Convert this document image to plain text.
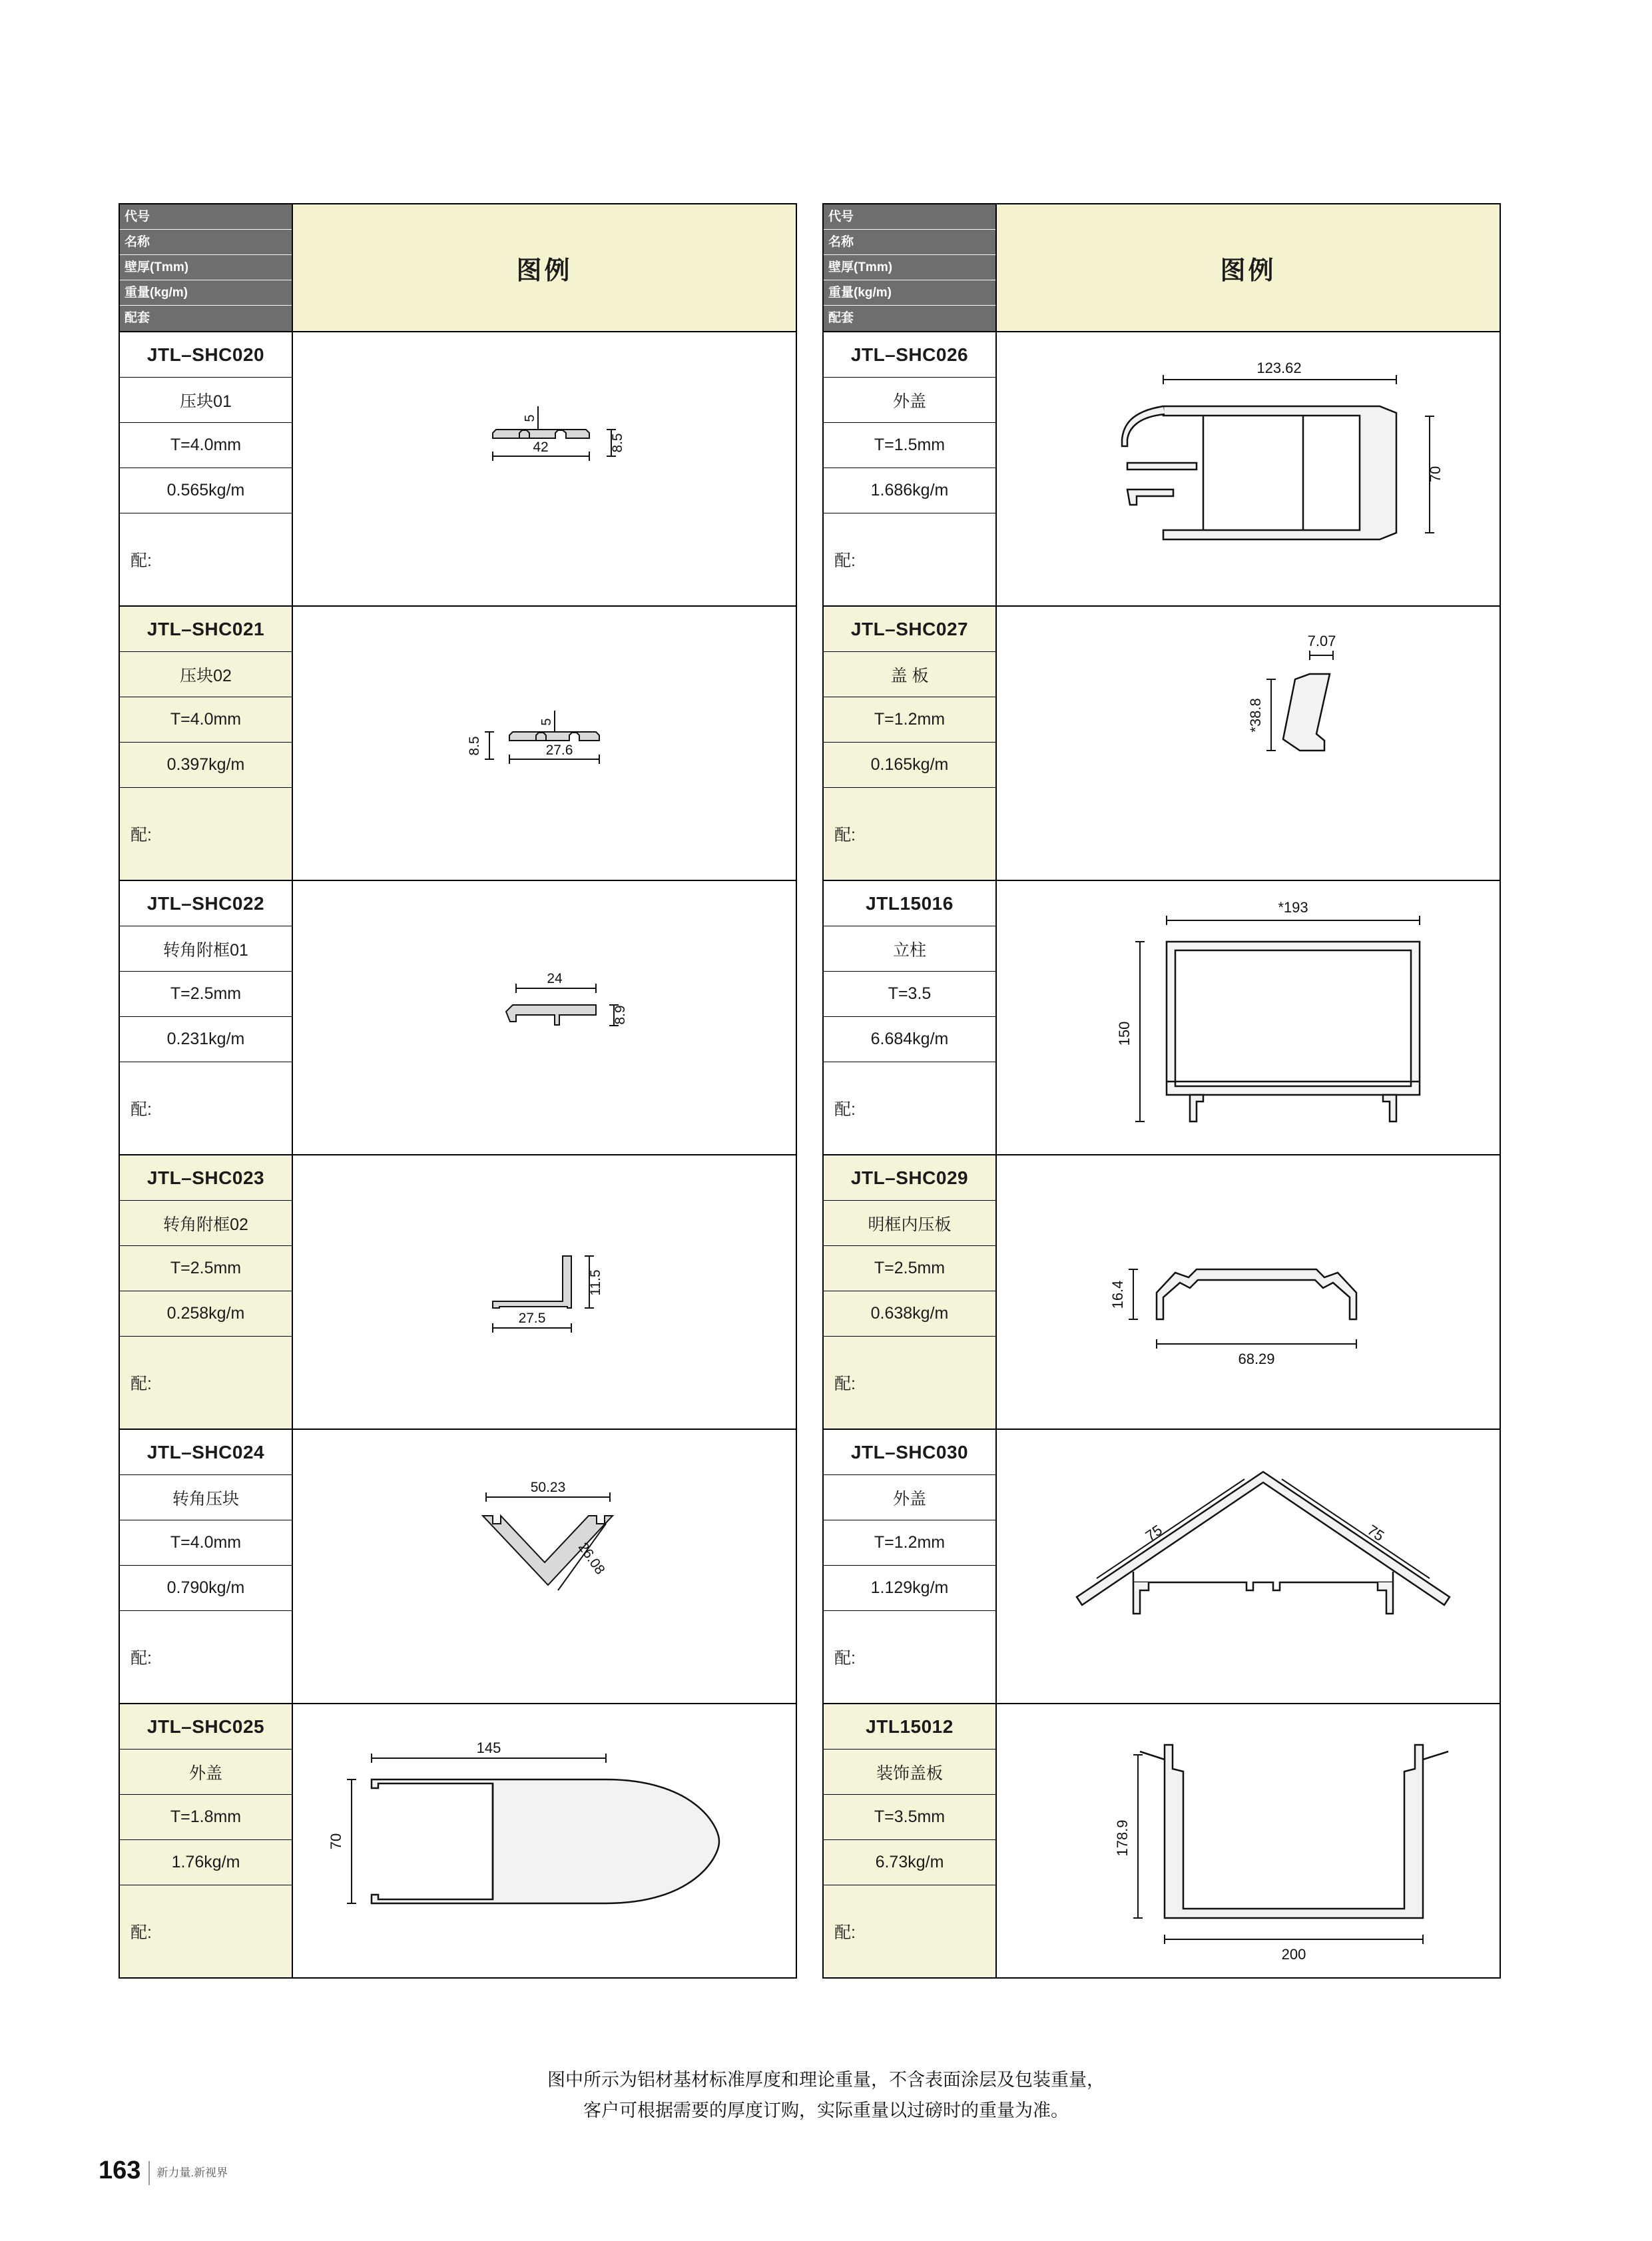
代号
名称
壁厚(Tmm)
重量(kg/m)
配套
图例
JTL–SHC020
压块01
T=4.0mm
0.565kg/m
配:
5
42	8.5
JTL–SHC021
压块02
T=4.0mm
0.397kg/m
配:
5
8.5	27.6
JTL–SHC022
转角附框01
T=2.5mm
0.231kg/m
配:
24
8.9
JTL–SHC023
转角附框02
T=2.5mm
0.258kg/m
配:
11.5
27.5
JTL–SHC024
转角压块
T=4.0mm
0.790kg/m
配:
50.23
26.08
JTL–SHC025
外盖
T=1.8mm
1.76kg/m
配:
145
70
代号
名称
壁厚(Tmm)
重量(kg/m)
配套
图例
JTL–SHC026
外盖
T=1.5mm
1.686kg/m
配:
123.62
70
JTL–SHC027
盖 板
T=1.2mm
0.165kg/m
配:
7.07
*38.8
JTL15016
立柱
T=3.5
6.684kg/m
配:
*193
150
JTL–SHC029
明框内压板
T=2.5mm
0.638kg/m
配:
16.4
68.29
JTL–SHC030
外盖
T=1.2mm
1.129kg/m
配:
75	75
JTL15012
装饰盖板
T=3.5mm
6.73kg/m
配:
178.9
200
图中所示为铝材基材标准厚度和理论重量，不含表面涂层及包装重量，
客户可根据需要的厚度订购，实际重量以过磅时的重量为准。
163	新力量.新视界
